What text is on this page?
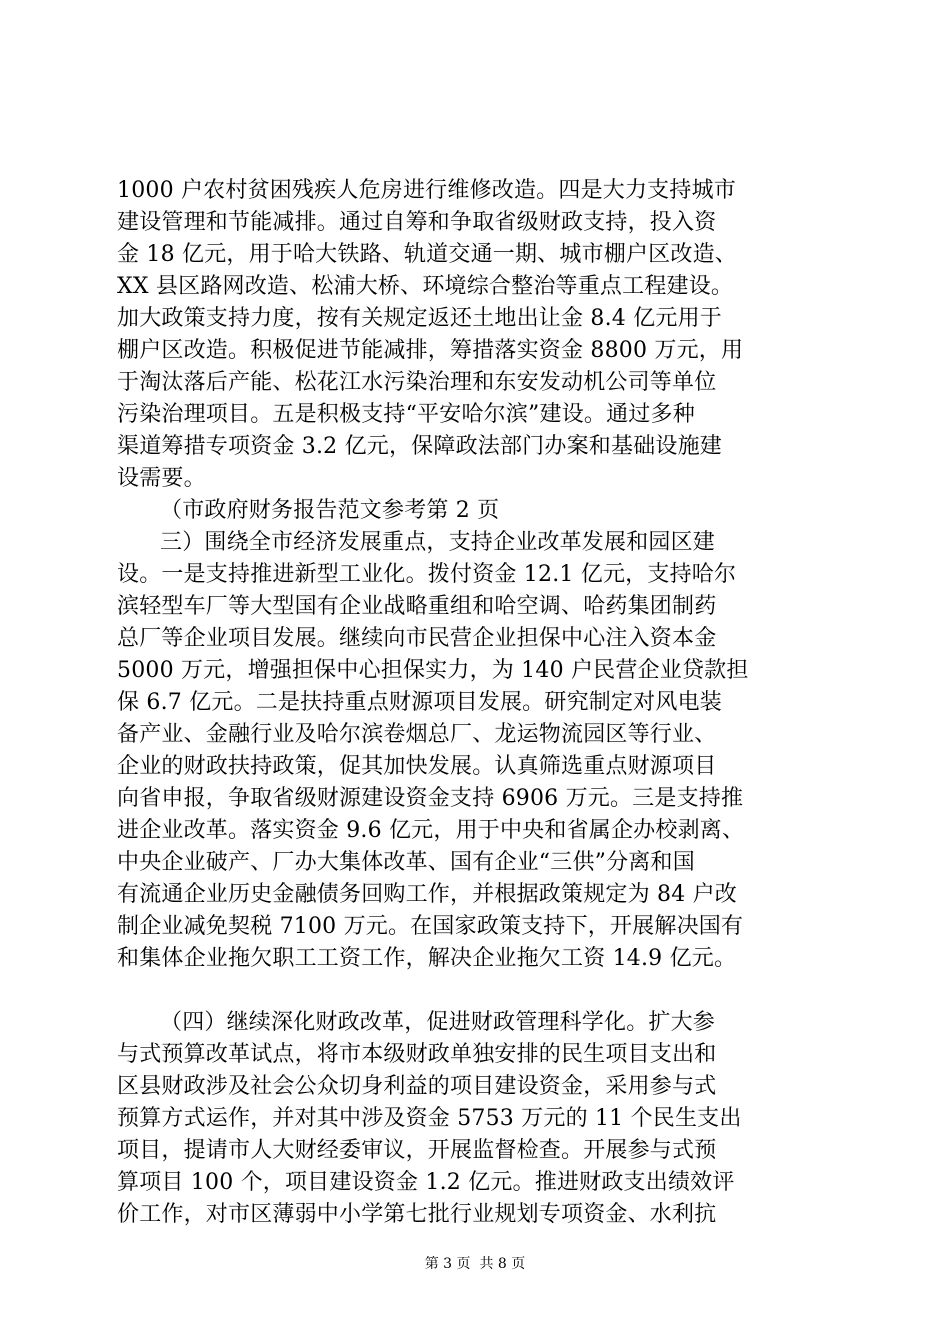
1000 户农村贫困残疾人危房进行维修改造。四是大力支持城市
建设管理和节能减排。通过自筹和争取省级财政支持，投入资
金 18 亿元，用于哈大铁路、轨道交通一期、城市棚户区改造、
XX 县区路网改造、松浦大桥、环境综合整治等重点工程建设。
加大政策支持力度，按有关规定返还土地出让金 8.4 亿元用于
棚户区改造。积极促进节能减排，筹措落实资金 8800 万元，用
于淘汰落后产能、松花江水污染治理和东安发动机公司等单位
污染治理项目。五是积极支持“平安哈尔滨”建设。通过多种
渠道筹措专项资金 3.2 亿元，保障政法部门办案和基础设施建
设需要。
（市政府财务报告范文参考第 2 页
三）围绕全市经济发展重点，支持企业改革发展和园区建
设。一是支持推进新型工业化。拨付资金 12.1 亿元，支持哈尔
滨轻型车厂等大型国有企业战略重组和哈空调、哈药集团制药
总厂等企业项目发展。继续向市民营企业担保中心注入资本金
5000 万元，增强担保中心担保实力，为 140 户民营企业贷款担
保 6.7 亿元。二是扶持重点财源项目发展。研究制定对风电装
备产业、金融行业及哈尔滨卷烟总厂、龙运物流园区等行业、
企业的财政扶持政策，促其加快发展。认真筛选重点财源项目
向省申报，争取省级财源建设资金支持 6906 万元。三是支持推
进企业改革。落实资金 9.6 亿元，用于中央和省属企办校剥离、
中央企业破产、厂办大集体改革、国有企业“三供”分离和国
有流通企业历史金融债务回购工作，并根据政策规定为 84 户改
制企业减免契税 7100 万元。在国家政策支持下，开展解决国有
和集体企业拖欠职工工资工作，解决企业拖欠工资 14.9 亿元。
（四）继续深化财政改革，促进财政管理科学化。扩大参
与式预算改革试点，将市本级财政单独安排的民生项目支出和
区县财政涉及社会公众切身利益的项目建设资金，采用参与式
预算方式运作，并对其中涉及资金 5753 万元的 11 个民生支出
项目，提请市人大财经委审议，开展监督检查。开展参与式预
算项目 100 个，项目建设资金 1.2 亿元。推进财政支出绩效评
价工作，对市区薄弱中小学第七批行业规划专项资金、水利抗
第 3 页  共 8 页
